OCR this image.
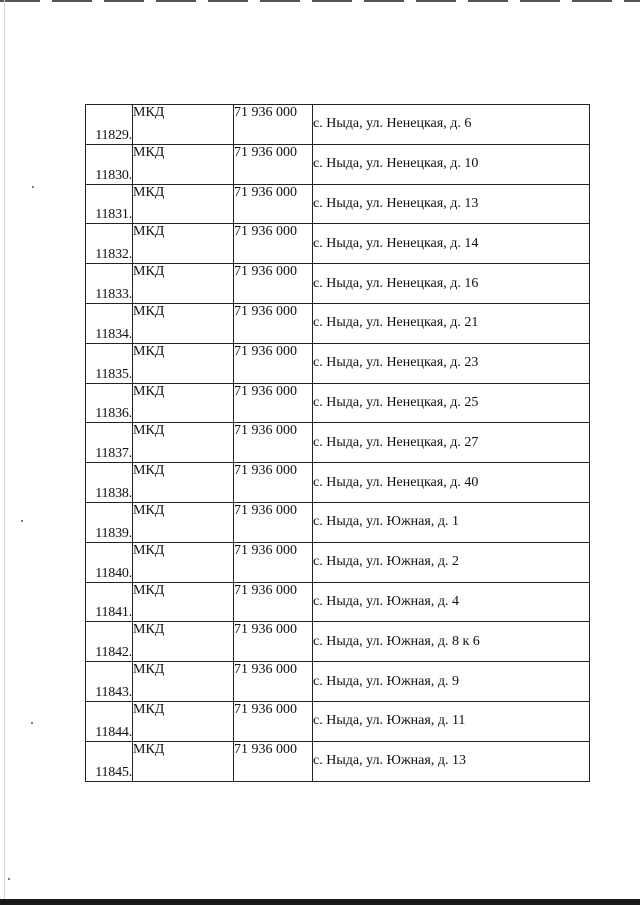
11829.	МКД	71 936 000	с. Ныда, ул. Ненецкая, д. 6
11830.	МКД	71 936 000	с. Ныда, ул. Ненецкая, д. 10
11831.	МКД	71 936 000	с. Ныда, ул. Ненецкая, д. 13
11832.	МКД	71 936 000	с. Ныда, ул. Ненецкая, д. 14
11833.	МКД	71 936 000	с. Ныда, ул. Ненецкая, д. 16
11834.	МКД	71 936 000	с. Ныда, ул. Ненецкая, д. 21
11835.	МКД	71 936 000	с. Ныда, ул. Ненецкая, д. 23
11836.	МКД	71 936 000	с. Ныда, ул. Ненецкая, д. 25
11837.	МКД	71 936 000	с. Ныда, ул. Ненецкая, д. 27
11838.	МКД	71 936 000	с. Ныда, ул. Ненецкая, д. 40
11839.	МКД	71 936 000	с. Ныда, ул. Южная, д. 1
11840.	МКД	71 936 000	с. Ныда, ул. Южная, д. 2
11841.	МКД	71 936 000	с. Ныда, ул. Южная, д. 4
11842.	МКД	71 936 000	с. Ныда, ул. Южная, д. 8 к 6
11843.	МКД	71 936 000	с. Ныда, ул. Южная, д. 9
11844.	МКД	71 936 000	с. Ныда, ул. Южная, д. 11
11845.	МКД	71 936 000	с. Ныда, ул. Южная, д. 13
